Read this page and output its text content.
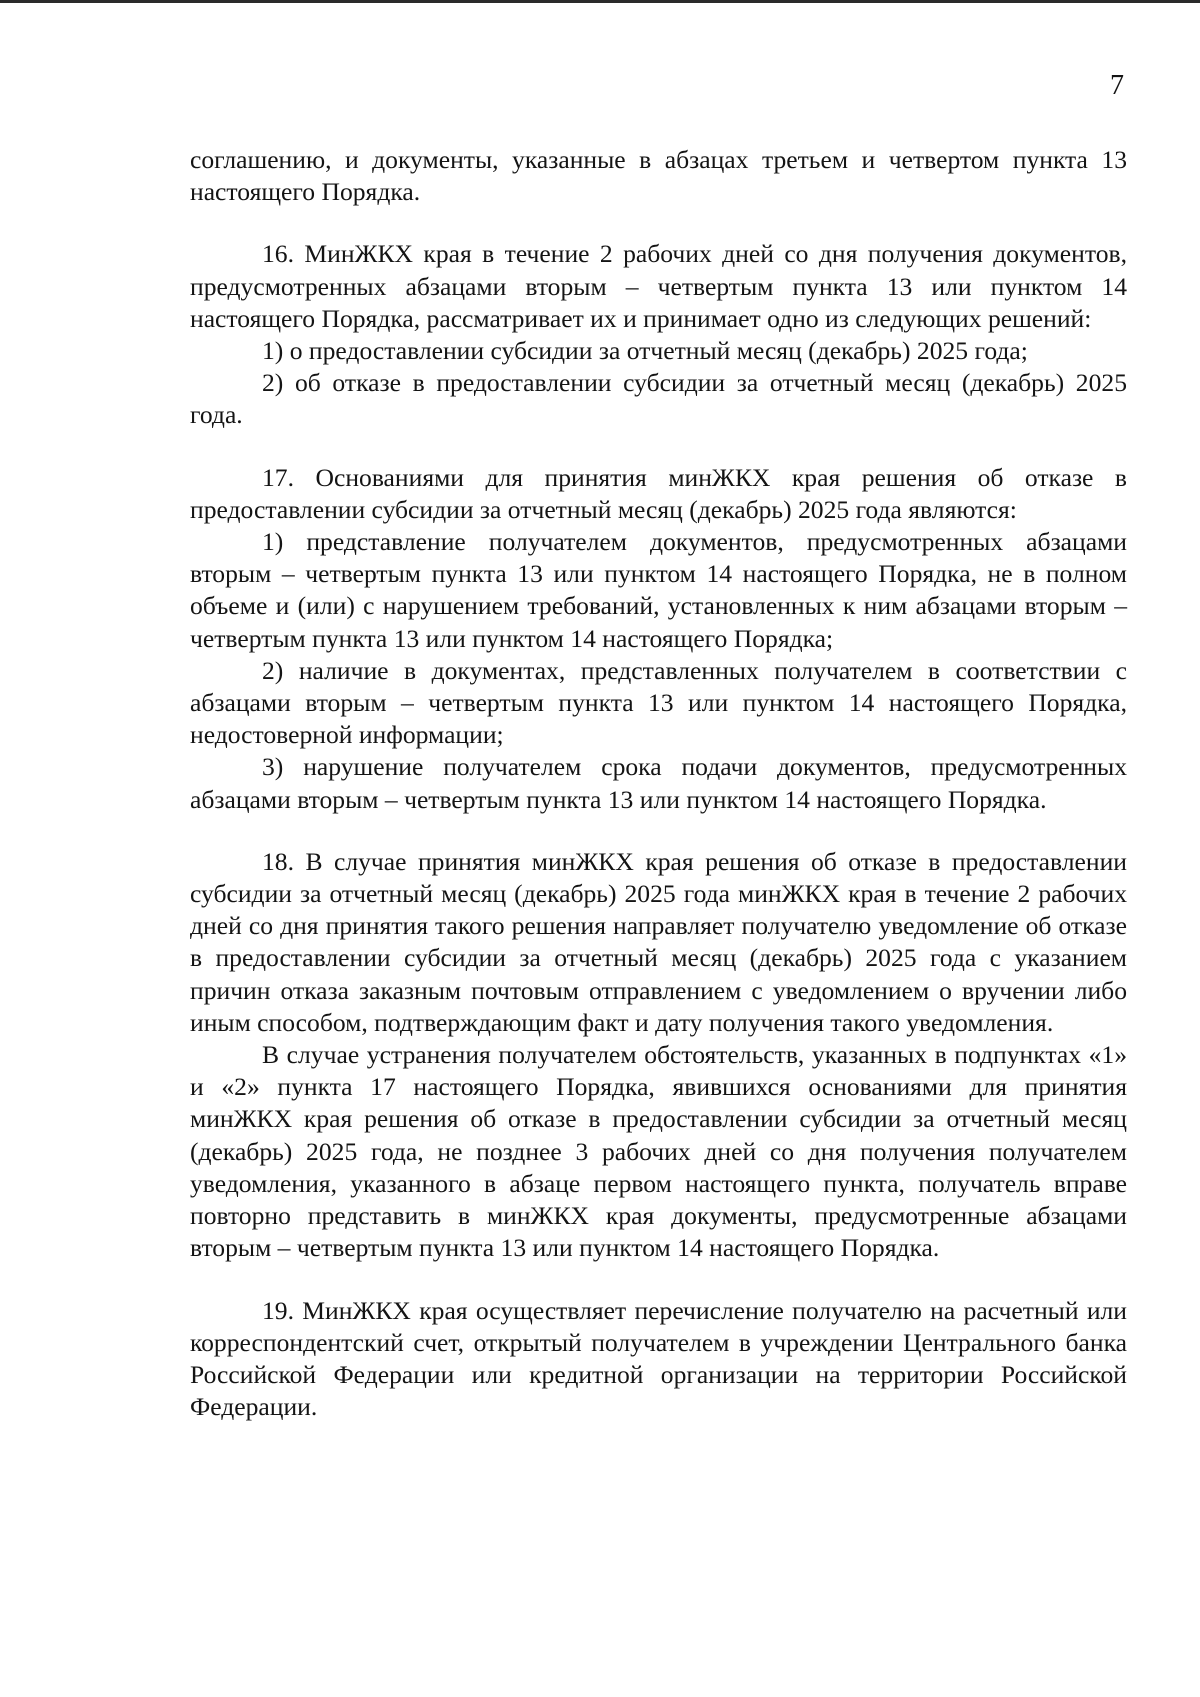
7

соглашению, и документы, указанные в абзацах третьем и четвертом пункта 13 настоящего Порядка.

16. МинЖКХ края в течение 2 рабочих дней со дня получения документов, предусмотренных абзацами вторым – четвертым пункта 13 или пунктом 14 настоящего Порядка, рассматривает их и принимает одно из следующих решений:

1) о предоставлении субсидии за отчетный месяц (декабрь) 2025 года;

2) об отказе в предоставлении субсидии за отчетный месяц (декабрь) 2025 года.

17. Основаниями для принятия минЖКХ края решения об отказе в предоставлении субсидии за отчетный месяц (декабрь) 2025 года являются:

1) представление получателем документов, предусмотренных абзацами вторым – четвертым пункта 13 или пунктом 14 настоящего Порядка, не в полном объеме и (или) с нарушением требований, установленных к ним абзацами вторым – четвертым пункта 13 или пунктом 14 настоящего Порядка;

2) наличие в документах, представленных получателем в соответствии с абзацами вторым – четвертым пункта 13 или пунктом 14 настоящего Порядка, недостоверной информации;

3) нарушение получателем срока подачи документов, предусмотренных абзацами вторым – четвертым пункта 13 или пунктом 14 настоящего Порядка.

18. В случае принятия минЖКХ края решения об отказе в предоставлении субсидии за отчетный месяц (декабрь) 2025 года минЖКХ края в течение 2 рабочих дней со дня принятия такого решения направляет получателю уведомление об отказе в предоставлении субсидии за отчетный месяц (декабрь) 2025 года с указанием причин отказа заказным почтовым отправлением с уведомлением о вручении либо иным способом, подтверждающим факт и дату получения такого уведомления.

В случае устранения получателем обстоятельств, указанных в подпунктах «1» и «2» пункта 17 настоящего Порядка, явившихся основаниями для принятия минЖКХ края решения об отказе в предоставлении субсидии за отчетный месяц (декабрь) 2025 года, не позднее 3 рабочих дней со дня получения получателем уведомления, указанного в абзаце первом настоящего пункта, получатель вправе повторно представить в минЖКХ края документы, предусмотренные абзацами вторым – четвертым пункта 13 или пунктом 14 настоящего Порядка.

19. МинЖКХ края осуществляет перечисление получателю на расчетный или корреспондентский счет, открытый получателем в учреждении Центрального банка Российской Федерации или кредитной организации на территории Российской Федерации.
